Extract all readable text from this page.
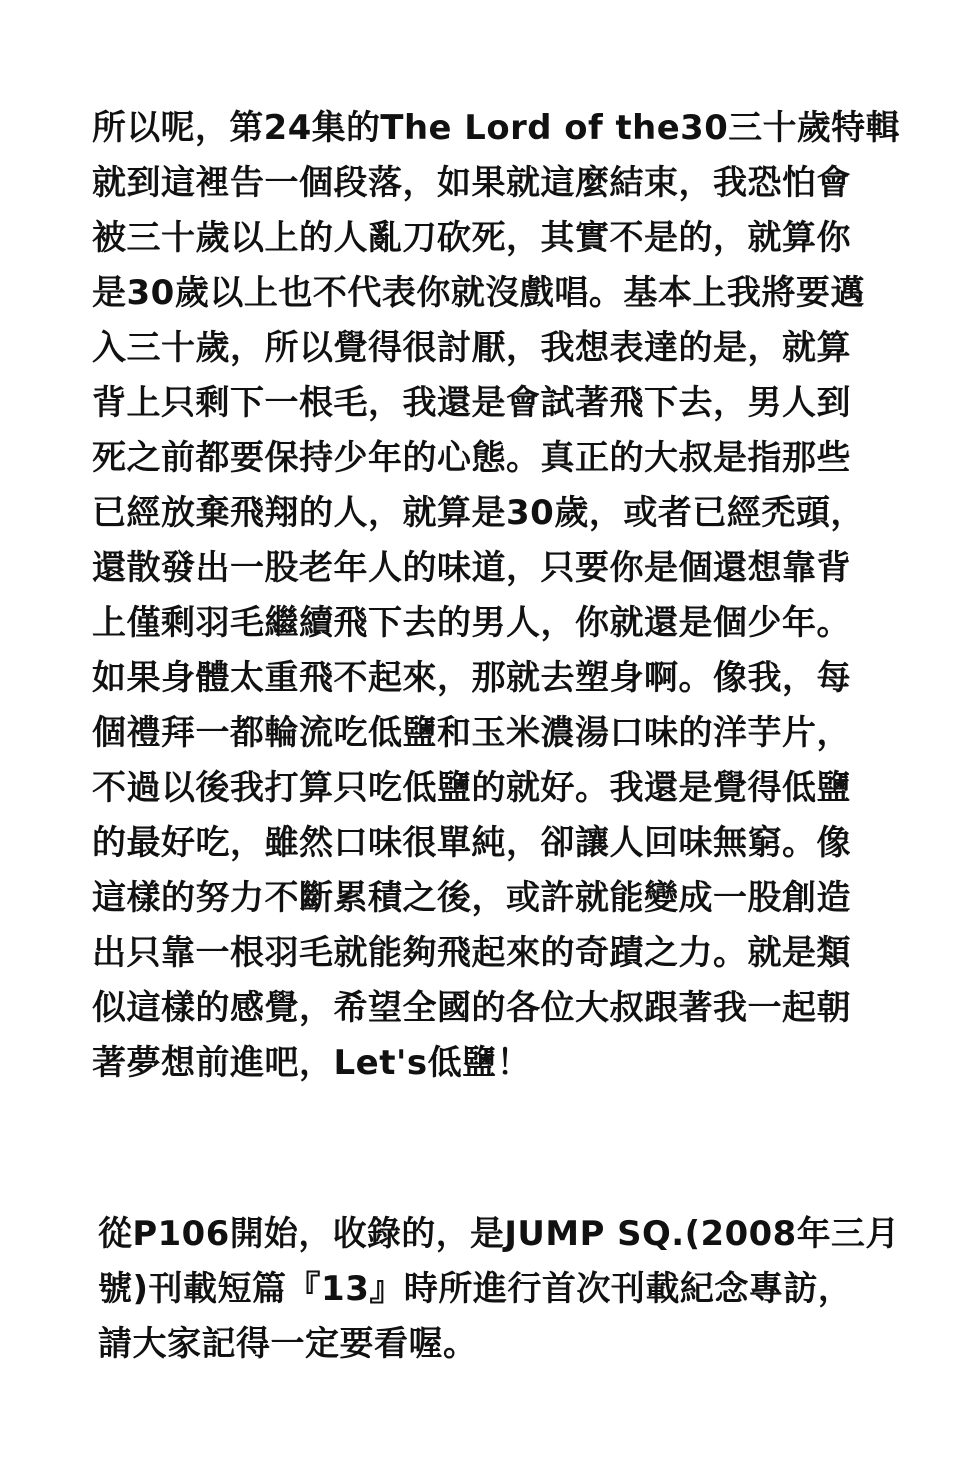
所以呢，第24集的The Lord of the30三十歲特輯
就到這裡告一個段落，如果就這麼結束，我恐怕會
被三十歲以上的人亂刀砍死，其實不是的，就算你
是30歲以上也不代表你就沒戲唱。基本上我將要邁
入三十歲，所以覺得很討厭，我想表達的是，就算
背上只剩下一根毛，我還是會試著飛下去，男人到
死之前都要保持少年的心態。真正的大叔是指那些
已經放棄飛翔的人，就算是30歲，或者已經禿頭，
還散發出一股老年人的味道，只要你是個還想靠背
上僅剩羽毛繼續飛下去的男人，你就還是個少年。
如果身體太重飛不起來，那就去塑身啊。像我，每
個禮拜一都輪流吃低鹽和玉米濃湯口味的洋芋片，
不過以後我打算只吃低鹽的就好。我還是覺得低鹽
的最好吃，雖然口味很單純，卻讓人回味無窮。像
這樣的努力不斷累積之後，或許就能變成一股創造
出只靠一根羽毛就能夠飛起來的奇蹟之力。就是類
似這樣的感覺，希望全國的各位大叔跟著我一起朝
著夢想前進吧，Let's低鹽！
從P106開始，收錄的，是JUMP SQ.(2008年三月
號)刊載短篇『13』時所進行首次刊載紀念專訪，
請大家記得一定要看喔。
